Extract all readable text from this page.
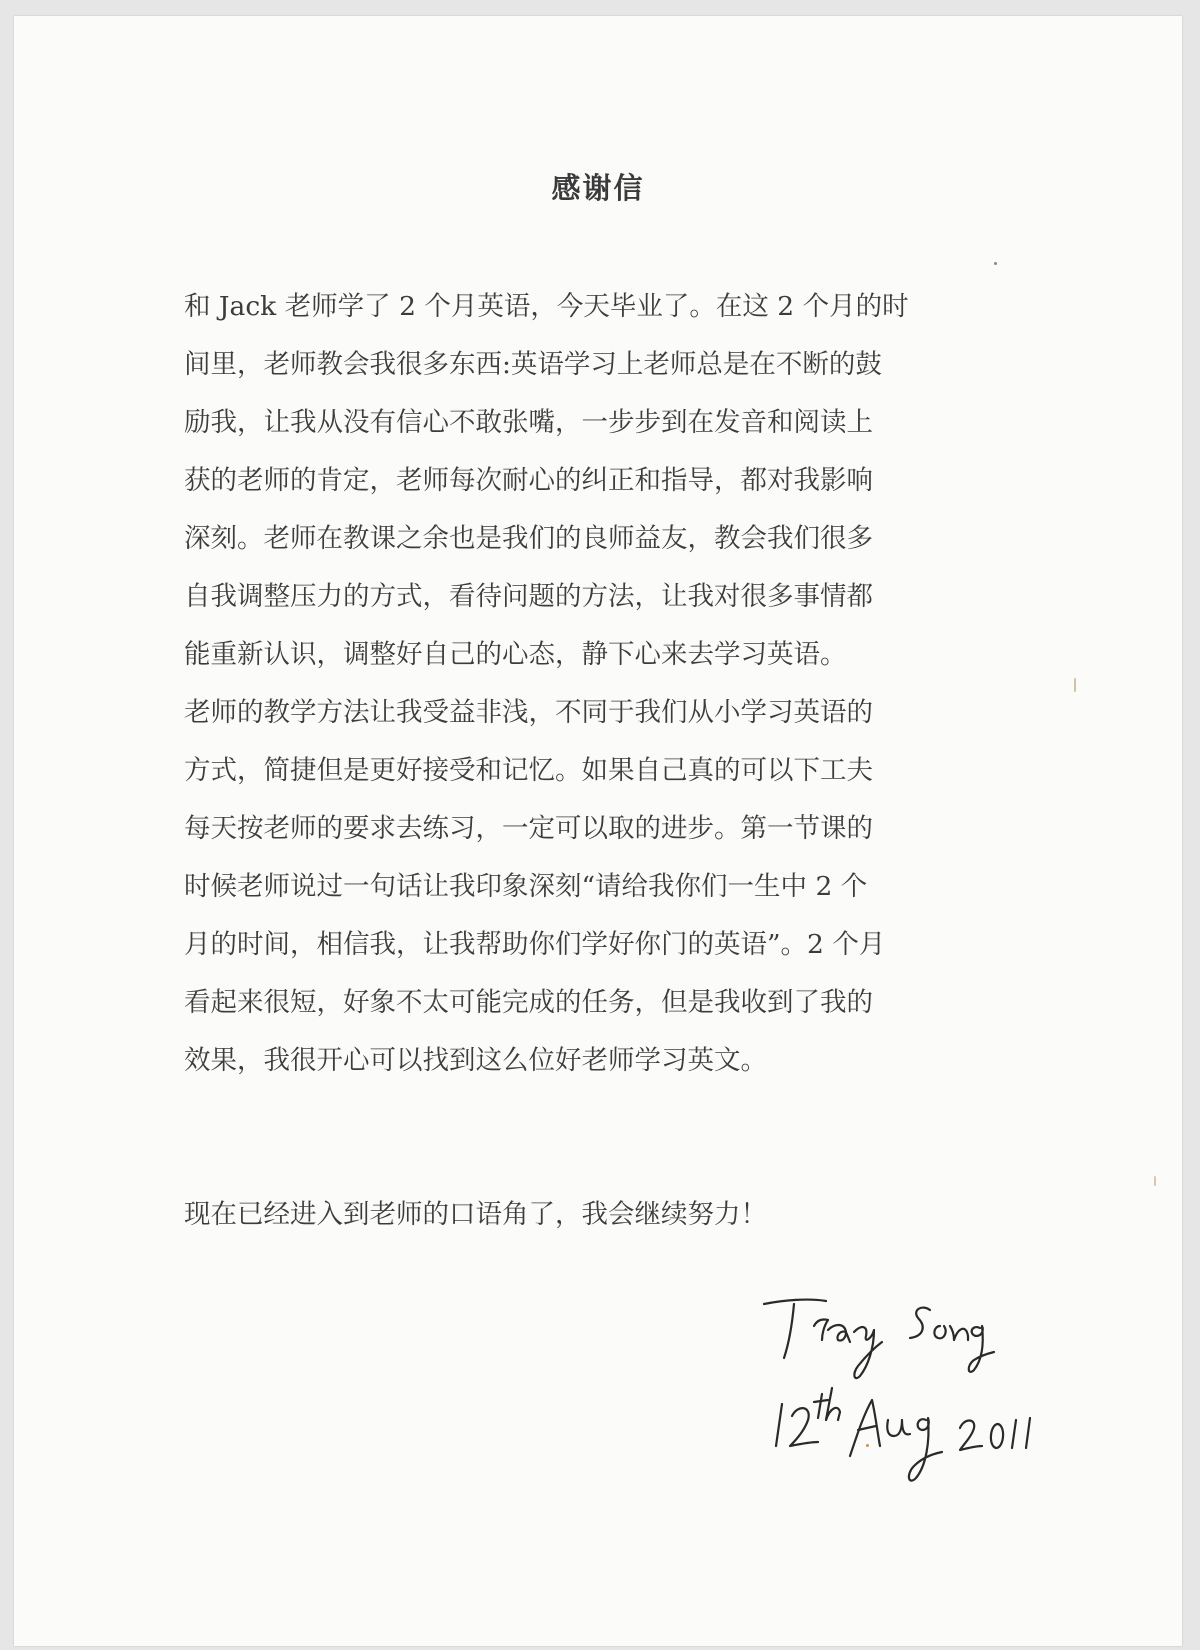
感谢信
和 Jack 老师学了 2 个月英语，今天毕业了。在这 2 个月的时
间里，老师教会我很多东西:英语学习上老师总是在不断的鼓
励我，让我从没有信心不敢张嘴，一步步到在发音和阅读上
获的老师的肯定，老师每次耐心的纠正和指导，都对我影响
深刻。老师在教课之余也是我们的良师益友，教会我们很多
自我调整压力的方式，看待问题的方法，让我对很多事情都
能重新认识，调整好自己的心态，静下心来去学习英语。
老师的教学方法让我受益非浅，不同于我们从小学习英语的
方式，简捷但是更好接受和记忆。如果自己真的可以下工夫
每天按老师的要求去练习，一定可以取的进步。第一节课的
时候老师说过一句话让我印象深刻“请给我你们一生中 2 个
月的时间，相信我，让我帮助你们学好你门的英语”。2 个月
看起来很短，好象不太可能完成的任务，但是我收到了我的
效果，我很开心可以找到这么位好老师学习英文。
现在已经进入到老师的口语角了，我会继续努力！
